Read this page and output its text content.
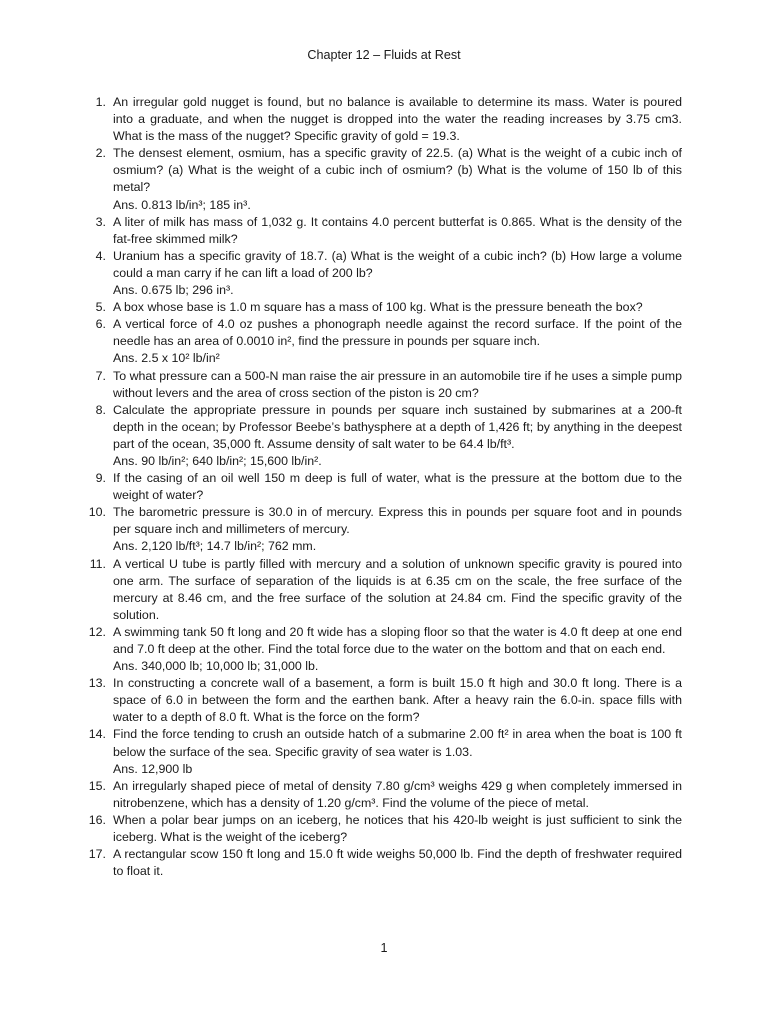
Chapter 12 – Fluids at Rest
1. An irregular gold nugget is found, but no balance is available to determine its mass. Water is poured into a graduate, and when the nugget is dropped into the water the reading increases by 3.75 cm3. What is the mass of the nugget? Specific gravity of gold = 19.3.
2. The densest element, osmium, has a specific gravity of 22.5. (a) What is the weight of a cubic inch of osmium? (a) What is the weight of a cubic inch of osmium? (b) What is the volume of 150 lb of this metal?
Ans. 0.813 lb/in³; 185 in³.
3. A liter of milk has mass of 1,032 g. It contains 4.0 percent butterfat is 0.865. What is the density of the fat-free skimmed milk?
4. Uranium has a specific gravity of 18.7. (a) What is the weight of a cubic inch? (b) How large a volume could a man carry if he can lift a load of 200 lb?
Ans. 0.675 lb; 296 in³.
5. A box whose base is 1.0 m square has a mass of 100 kg. What is the pressure beneath the box?
6. A vertical force of 4.0 oz pushes a phonograph needle against the record surface. If the point of the needle has an area of 0.0010 in², find the pressure in pounds per square inch.
Ans. 2.5 x 10² lb/in²
7. To what pressure can a 500-N man raise the air pressure in an automobile tire if he uses a simple pump without levers and the area of cross section of the piston is 20 cm?
8. Calculate the appropriate pressure in pounds per square inch sustained by submarines at a 200-ft depth in the ocean; by Professor Beebe’s bathysphere at a depth of 1,426 ft; by anything in the deepest part of the ocean, 35,000 ft. Assume density of salt water to be 64.4 lb/ft³.
Ans. 90 lb/in²; 640 lb/in²; 15,600 lb/in².
9. If the casing of an oil well 150 m deep is full of water, what is the pressure at the bottom due to the weight of water?
10. The barometric pressure is 30.0 in of mercury. Express this in pounds per square foot and in pounds per square inch and millimeters of mercury.
Ans. 2,120 lb/ft³; 14.7 lb/in²; 762 mm.
11. A vertical U tube is partly filled with mercury and a solution of unknown specific gravity is poured into one arm. The surface of separation of the liquids is at 6.35 cm on the scale, the free surface of the mercury at 8.46 cm, and the free surface of the solution at 24.84 cm. Find the specific gravity of the solution.
12. A swimming tank 50 ft long and 20 ft wide has a sloping floor so that the water is 4.0 ft deep at one end and 7.0 ft deep at the other. Find the total force due to the water on the bottom and that on each end.
Ans. 340,000 lb; 10,000 lb; 31,000 lb.
13. In constructing a concrete wall of a basement, a form is built 15.0 ft high and 30.0 ft long. There is a space of 6.0 in between the form and the earthen bank. After a heavy rain the 6.0-in. space fills with water to a depth of 8.0 ft. What is the force on the form?
14. Find the force tending to crush an outside hatch of a submarine 2.00 ft² in area when the boat is 100 ft below the surface of the sea. Specific gravity of sea water is 1.03.
Ans. 12,900 lb
15. An irregularly shaped piece of metal of density 7.80 g/cm³ weighs 429 g when completely immersed in nitrobenzene, which has a density of 1.20 g/cm³. Find the volume of the piece of metal.
16. When a polar bear jumps on an iceberg, he notices that his 420-lb weight is just sufficient to sink the iceberg. What is the weight of the iceberg?
17. A rectangular scow 150 ft long and 15.0 ft wide weighs 50,000 lb. Find the depth of freshwater required to float it.
1
